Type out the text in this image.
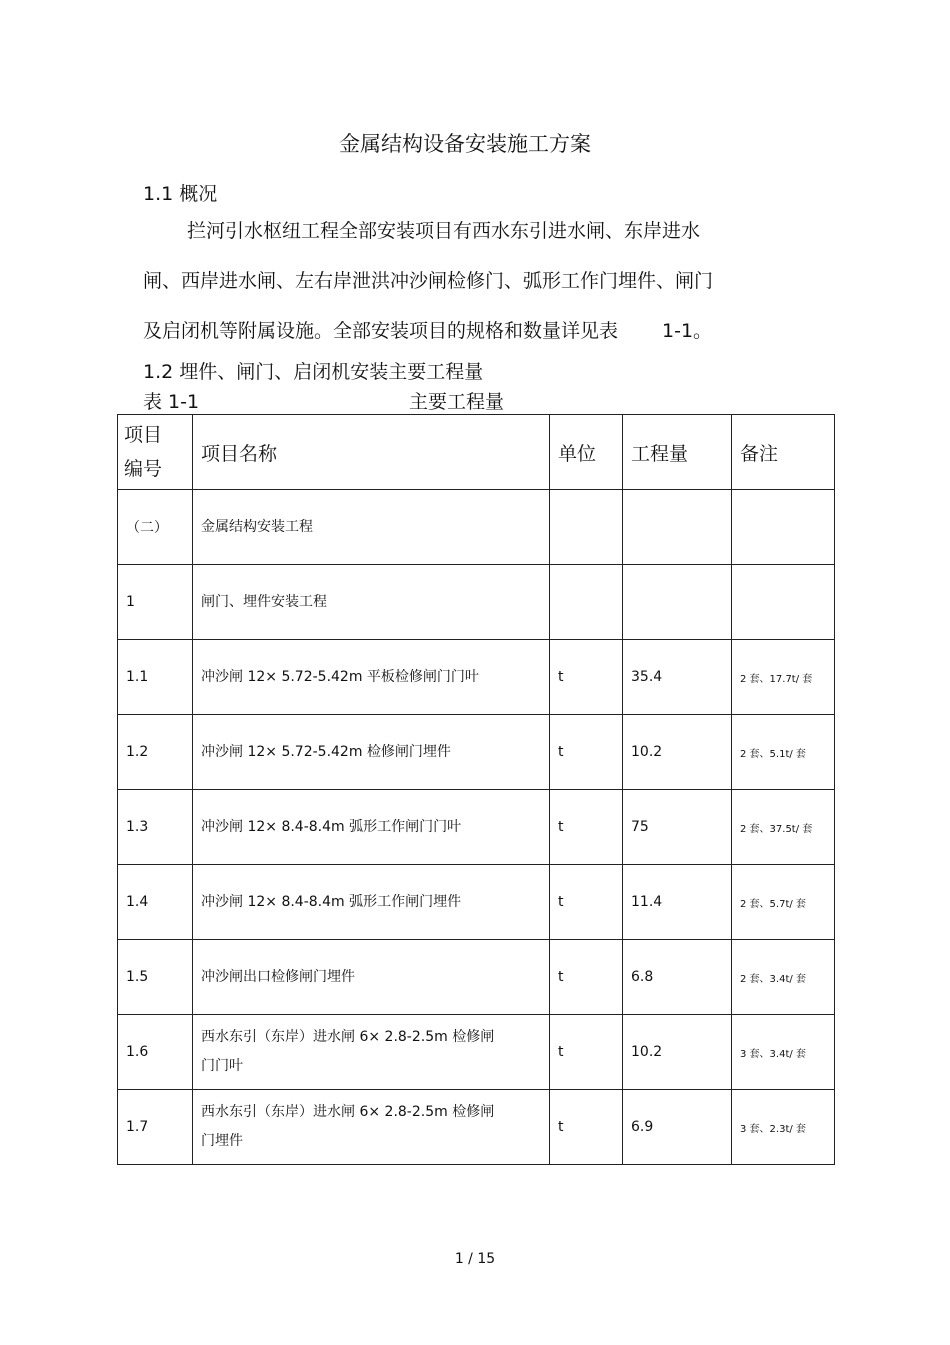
金属结构设备安装施工方案
1.1 概况
拦河引水枢纽工程全部安装项目有西水东引进水闸、东岸进水
闸、西岸进水闸、左右岸泄洪冲沙闸检修门、弧形工作门埋件、闸门
及启闭机等附属设施。全部安装项目的规格和数量详见表 1-1。
1.2 埋件、闸门、启闭机安装主要工程量
表 1-1	主要工程量
项目
编号	项目名称	单位	工程量	备注
（二）	金属结构安装工程			
1	闸门、埋件安装工程			
1.1	冲沙闸 12× 5.72-5.42m 平板检修闸门门叶	t	35.4	2 套、17.7t/ 套
1.2	冲沙闸 12× 5.72-5.42m 检修闸门埋件	t	10.2	2 套、5.1t/ 套
1.3	冲沙闸 12× 8.4-8.4m 弧形工作闸门门叶	t	75	2 套、37.5t/ 套
1.4	冲沙闸 12× 8.4-8.4m 弧形工作闸门埋件	t	11.4	2 套、5.7t/ 套
1.5	冲沙闸出口检修闸门埋件	t	6.8	2 套、3.4t/ 套
1.6	西水东引（东岸）进水闸 6× 2.8-2.5m 检修闸
门门叶	t	10.2	3 套、3.4t/ 套
1.7	西水东引（东岸）进水闸 6× 2.8-2.5m 检修闸
门埋件	t	6.9	3 套、2.3t/ 套
1 / 15
